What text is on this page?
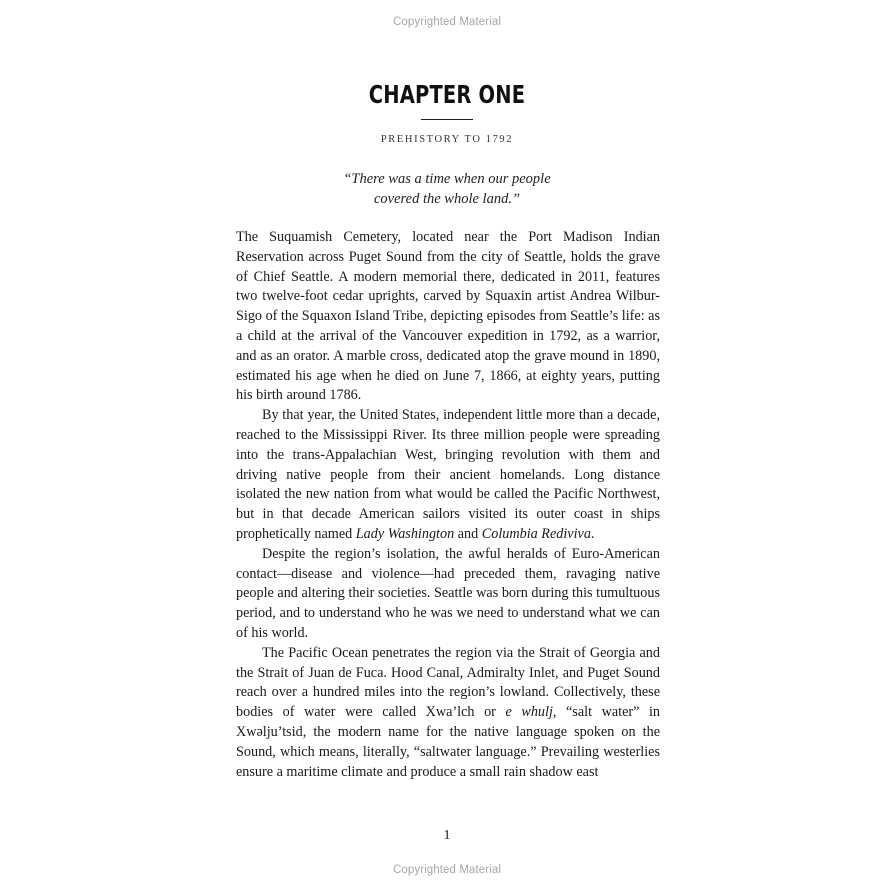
Copyrighted Material
CHAPTER ONE
PREHISTORY TO 1792
“There was a time when our people
covered the whole land.”

The Suquamish Cemetery, located near the Port Madison Indian Reservation across Puget Sound from the city of Seattle, holds the grave of Chief Seattle. A modern memorial there, dedicated in 2011, features two twelve-foot cedar uprights, carved by Squaxin artist Andrea Wilbur-Sigo of the Squaxon Island Tribe, depicting episodes from Seattle’s life: as a child at the arrival of the Vancouver expedition in 1792, as a warrior, and as an orator. A marble cross, dedicated atop the grave mound in 1890, estimated his age when he died on June 7, 1866, at eighty years, putting his birth around 1786.

By that year, the United States, independent little more than a decade, reached to the Mississippi River. Its three million people were spreading into the trans-Appalachian West, bringing revolution with them and driving native people from their ancient homelands. Long distance isolated the new nation from what would be called the Pacific Northwest, but in that decade American sailors visited its outer coast in ships prophetically named Lady Washington and Columbia Rediviva.

Despite the region’s isolation, the awful heralds of Euro-American contact—disease and violence—had preceded them, ravaging native people and altering their societies. Seattle was born during this tumultuous period, and to understand who he was we need to understand what we can of his world.

The Pacific Ocean penetrates the region via the Strait of Georgia and the Strait of Juan de Fuca. Hood Canal, Admiralty Inlet, and Puget Sound reach over a hundred miles into the region’s lowland. Collectively, these bodies of water were called Xwa’lch or e whulj, “salt water” in Xwəlju’tsid, the modern name for the native language spoken on the Sound, which means, literally, “saltwater language.” Prevailing westerlies ensure a maritime climate and produce a small rain shadow east

1
Copyrighted Material
